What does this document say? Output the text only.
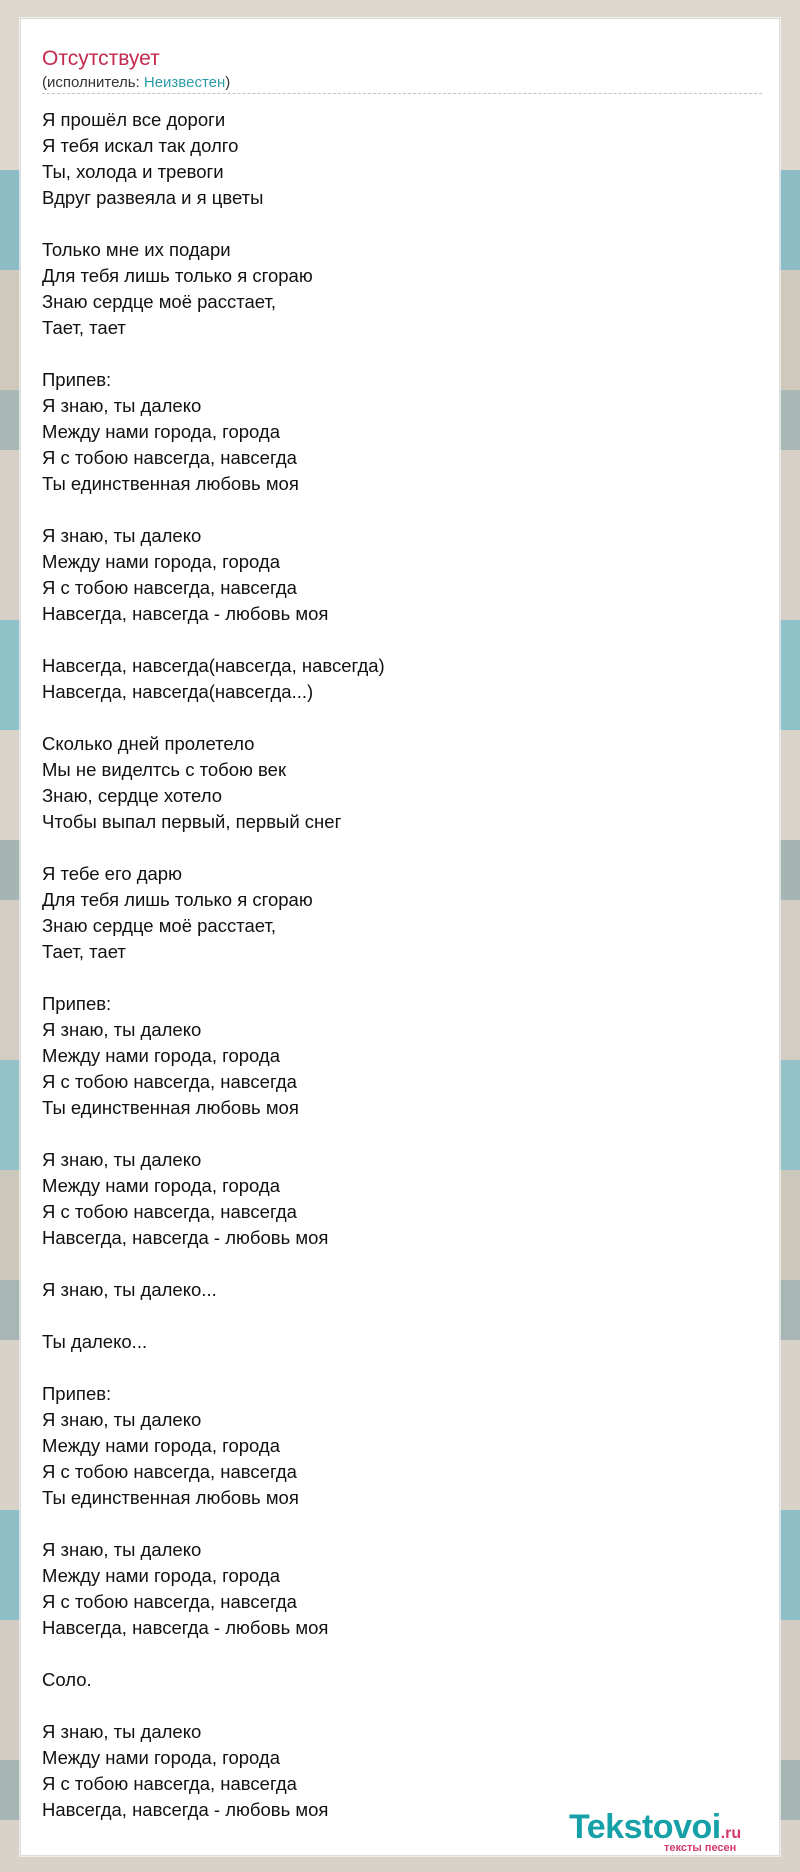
Отсутствует
(исполнитель: Неизвестен)
Я прошёл все дороги
Я тебя искал так долго
Ты, холода и тревоги
Вдруг развеяла и я цветы
Только мне их подари
Для тебя лишь только я сгораю
Знаю сердце моё расстает,
Тает, тает
Припев:
Я знаю, ты далеко
Между нами города, города
Я с тобою навсегда, навсегда
Ты единственная любовь моя
Я знаю, ты далеко
Между нами города, города
Я с тобою навсегда, навсегда
Навсегда, навсегда - любовь моя
Навсегда, навсегда(навсегда, навсегда)
Навсегда, навсегда(навсегда...)
Сколько дней пролетело
Мы не виделтсь с тобою век
Знаю, сердце хотело
Чтобы выпал первый, первый снег
Я тебе его дарю
Для тебя лишь только я сгораю
Знаю сердце моё расстает,
Тает, тает
Припев:
Я знаю, ты далеко
Между нами города, города
Я с тобою навсегда, навсегда
Ты единственная любовь моя
Я знаю, ты далеко
Между нами города, города
Я с тобою навсегда, навсегда
Навсегда, навсегда - любовь моя
Я знаю, ты далеко...
Ты далеко...
Припев:
Я знаю, ты далеко
Между нами города, города
Я с тобою навсегда, навсегда
Ты единственная любовь моя
Я знаю, ты далеко
Между нами города, города
Я с тобою навсегда, навсегда
Навсегда, навсегда - любовь моя
Соло.
Я знаю, ты далеко
Между нами города, города
Я с тобою навсегда, навсегда
Навсегда, навсегда - любовь моя	Tekstovoi.ru
тексты песен
